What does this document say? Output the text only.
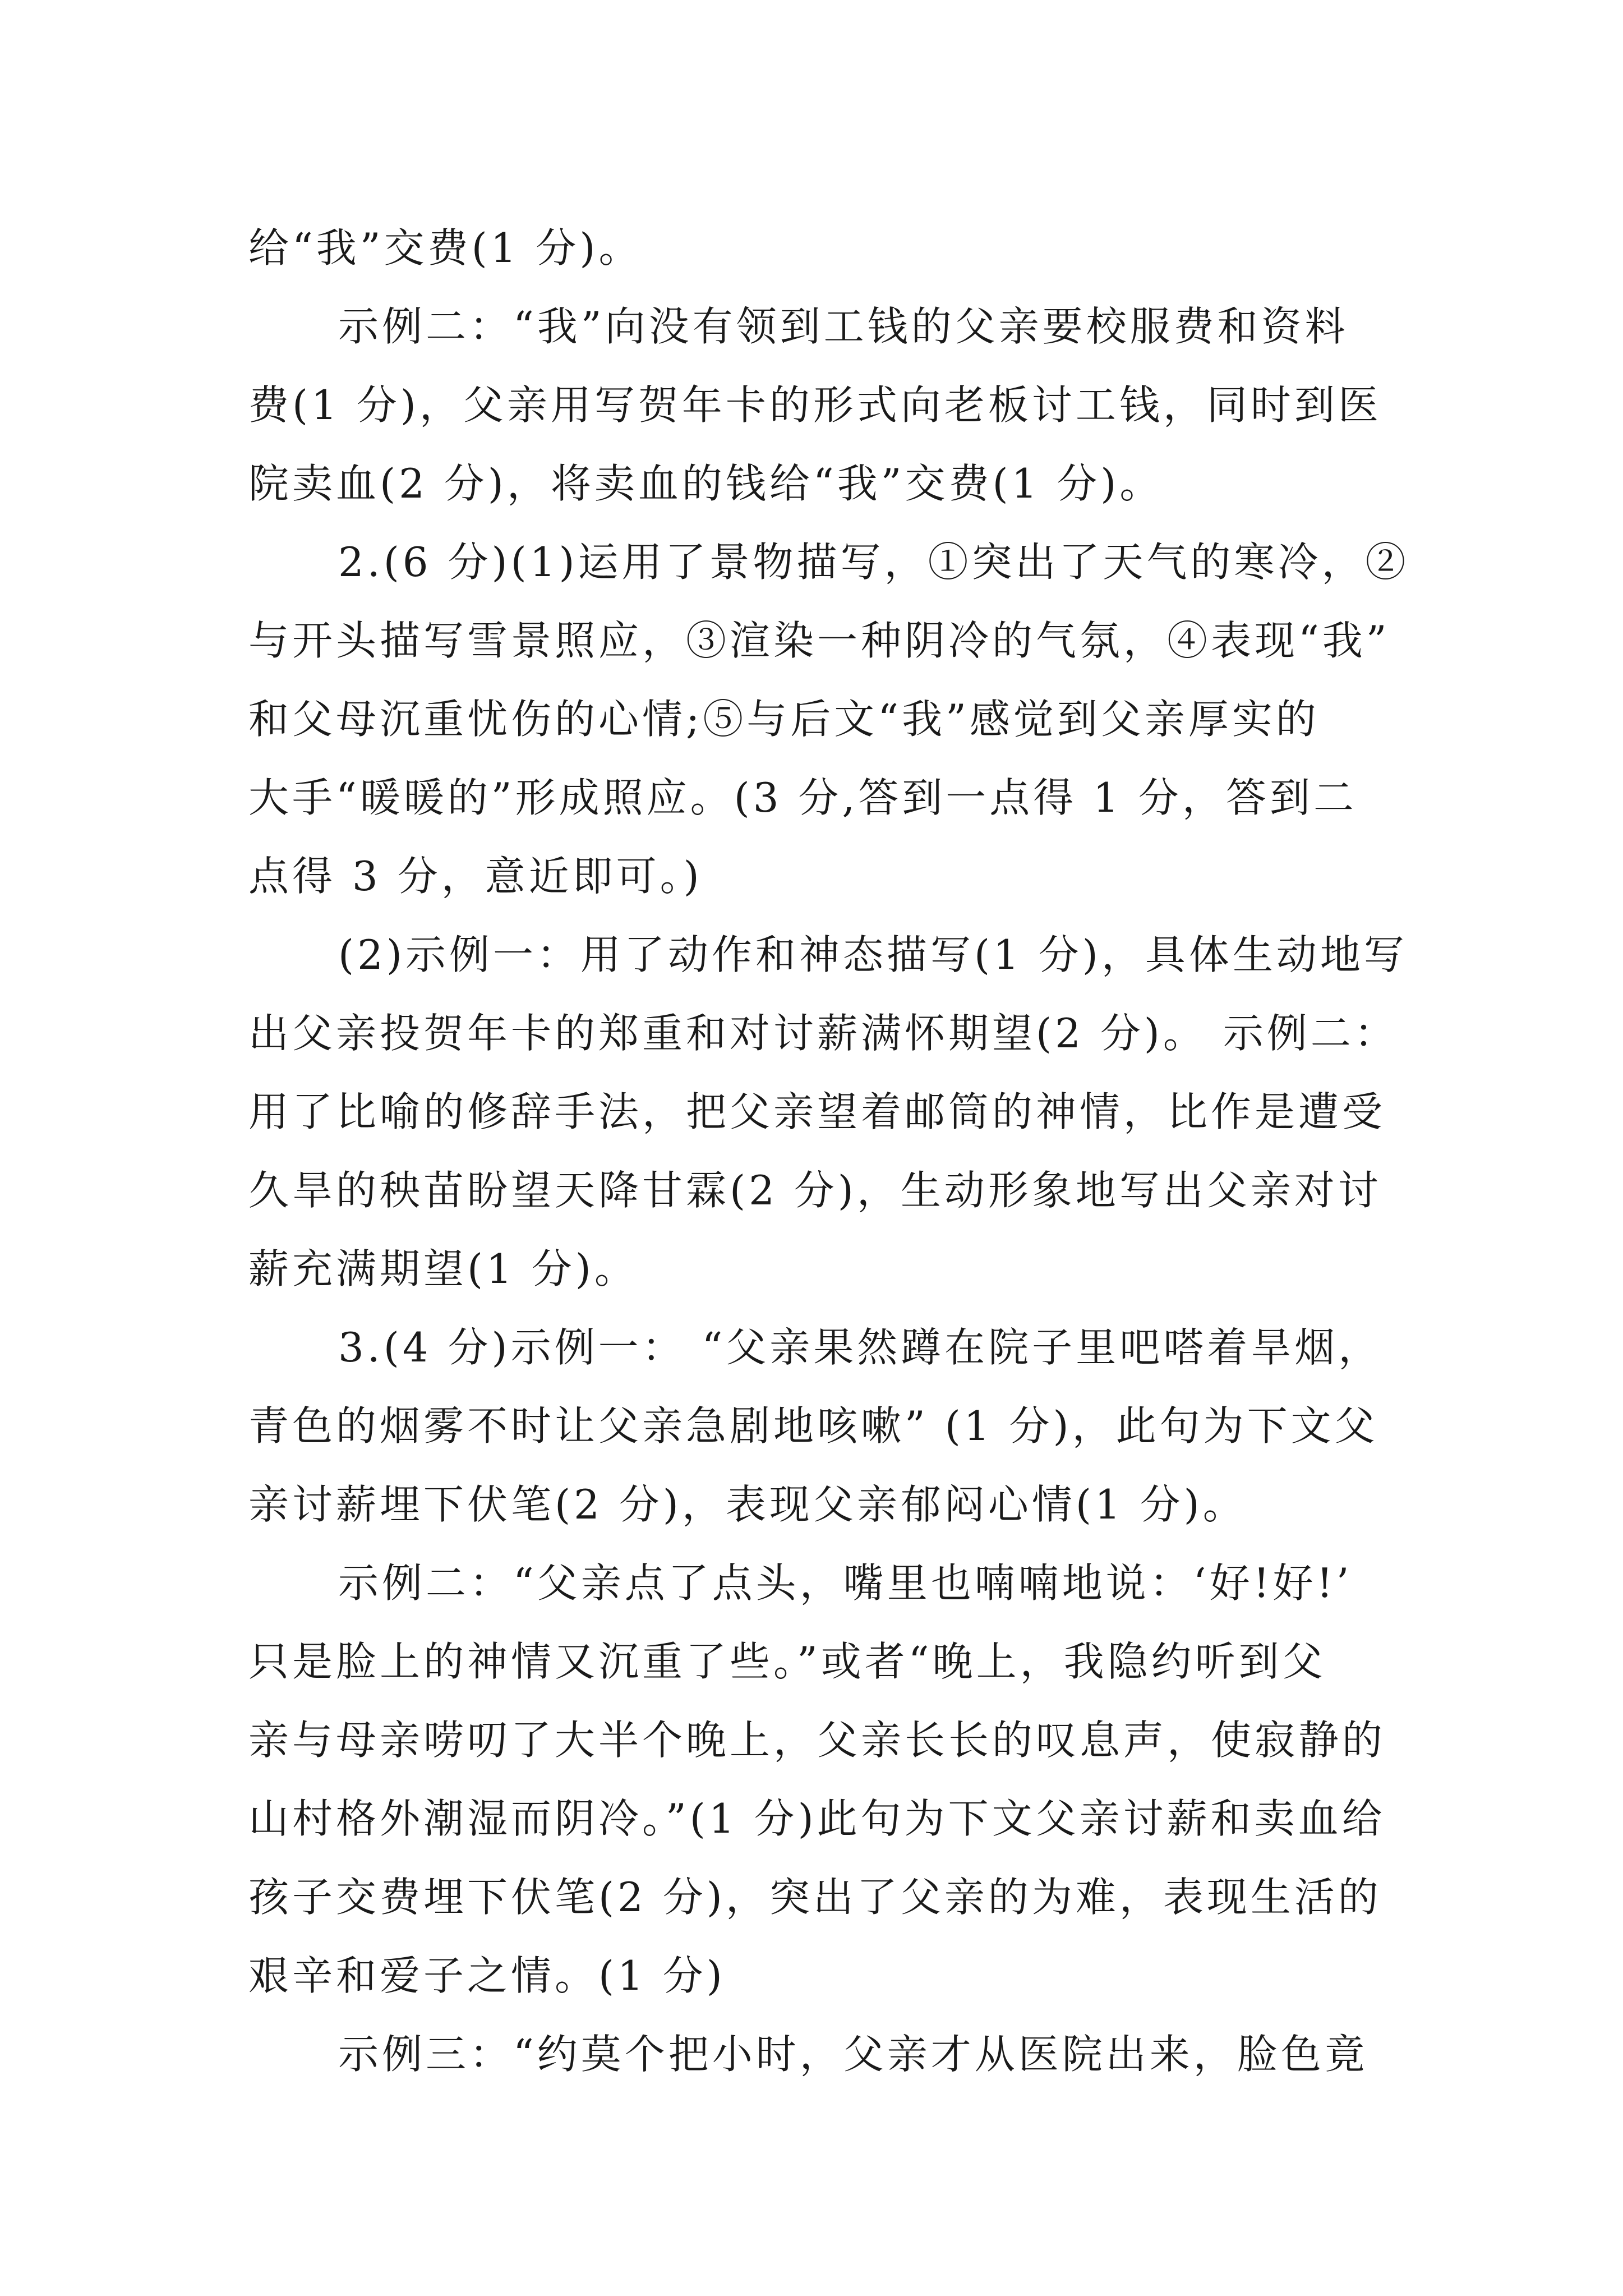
给“我”交费(1 分)。
示例二：“我”向没有领到工钱的父亲要校服费和资料
费(1 分)，父亲用写贺年卡的形式向老板讨工钱，同时到医
院卖血(2 分)，将卖血的钱给“我”交费(1 分)。
2.(6 分)(1)运用了景物描写，①突出了天气的寒冷，②
与开头描写雪景照应，③渲染一种阴冷的气氛，④表现“我”
和父母沉重忧伤的心情;⑤与后文“我”感觉到父亲厚实的
大手“暖暖的”形成照应。(3 分,答到一点得 1 分，答到二
点得 3 分，意近即可。)
(2)示例一：用了动作和神态描写(1 分)，具体生动地写
出父亲投贺年卡的郑重和对讨薪满怀期望(2 分)。 示例二：
用了比喻的修辞手法，把父亲望着邮筒的神情，比作是遭受
久旱的秧苗盼望天降甘霖(2 分)，生动形象地写出父亲对讨
薪充满期望(1 分)。
3.(4 分)示例一： “父亲果然蹲在院子里吧嗒着旱烟，
青色的烟雾不时让父亲急剧地咳嗽” (1 分)，此句为下文父
亲讨薪埋下伏笔(2 分)，表现父亲郁闷心情(1 分)。
示例二：“父亲点了点头，嘴里也喃喃地说：‘好!好!’
只是脸上的神情又沉重了些。”或者“晚上，我隐约听到父
亲与母亲唠叨了大半个晚上，父亲长长的叹息声，使寂静的
山村格外潮湿而阴冷。”(1 分)此句为下文父亲讨薪和卖血给
孩子交费埋下伏笔(2 分)，突出了父亲的为难，表现生活的
艰辛和爱子之情。(1 分)
示例三：“约莫个把小时，父亲才从医院出来，脸色竟
